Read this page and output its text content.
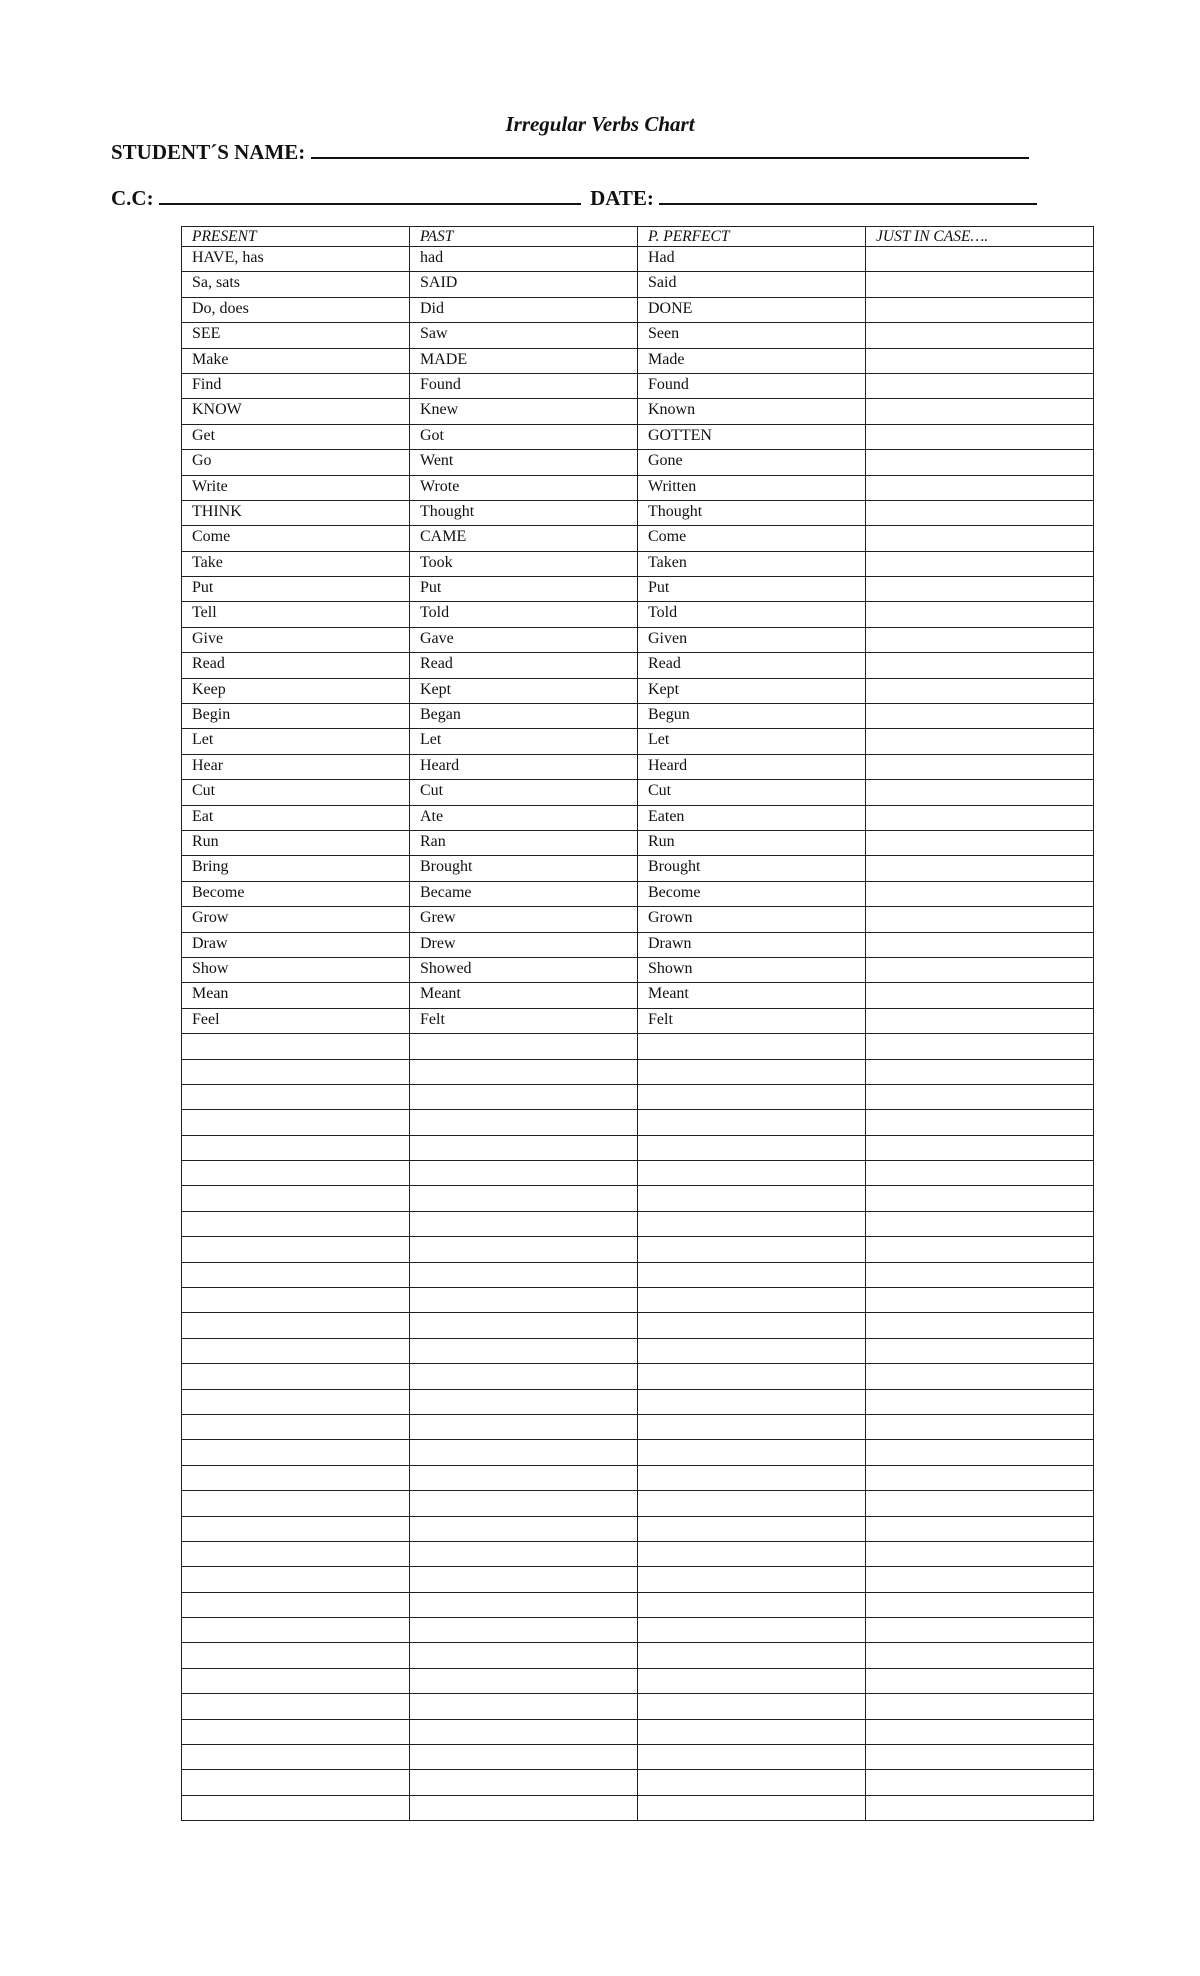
Irregular Verbs Chart
STUDENT´S NAME:
C.C:	DATE:
PRESENT	PAST	P. PERFECT	JUST IN CASE….
HAVE, has	had	Had	
Sa, sats	SAID	Said	
Do, does	Did	DONE	
SEE	Saw	Seen	
Make	MADE	Made	
Find	Found	Found	
KNOW	Knew	Known	
Get	Got	GOTTEN	
Go	Went	Gone	
Write	Wrote	Written	
THINK	Thought	Thought	
Come	CAME	Come	
Take	Took	Taken	
Put	Put	Put	
Tell	Told	Told	
Give	Gave	Given	
Read	Read	Read	
Keep	Kept	Kept	
Begin	Began	Begun	
Let	Let	Let	
Hear	Heard	Heard	
Cut	Cut	Cut	
Eat	Ate	Eaten	
Run	Ran	Run	
Bring	Brought	Brought	
Become	Became	Become	
Grow	Grew	Grown	
Draw	Drew	Drawn	
Show	Showed	Shown	
Mean	Meant	Meant	
Feel	Felt	Felt	
